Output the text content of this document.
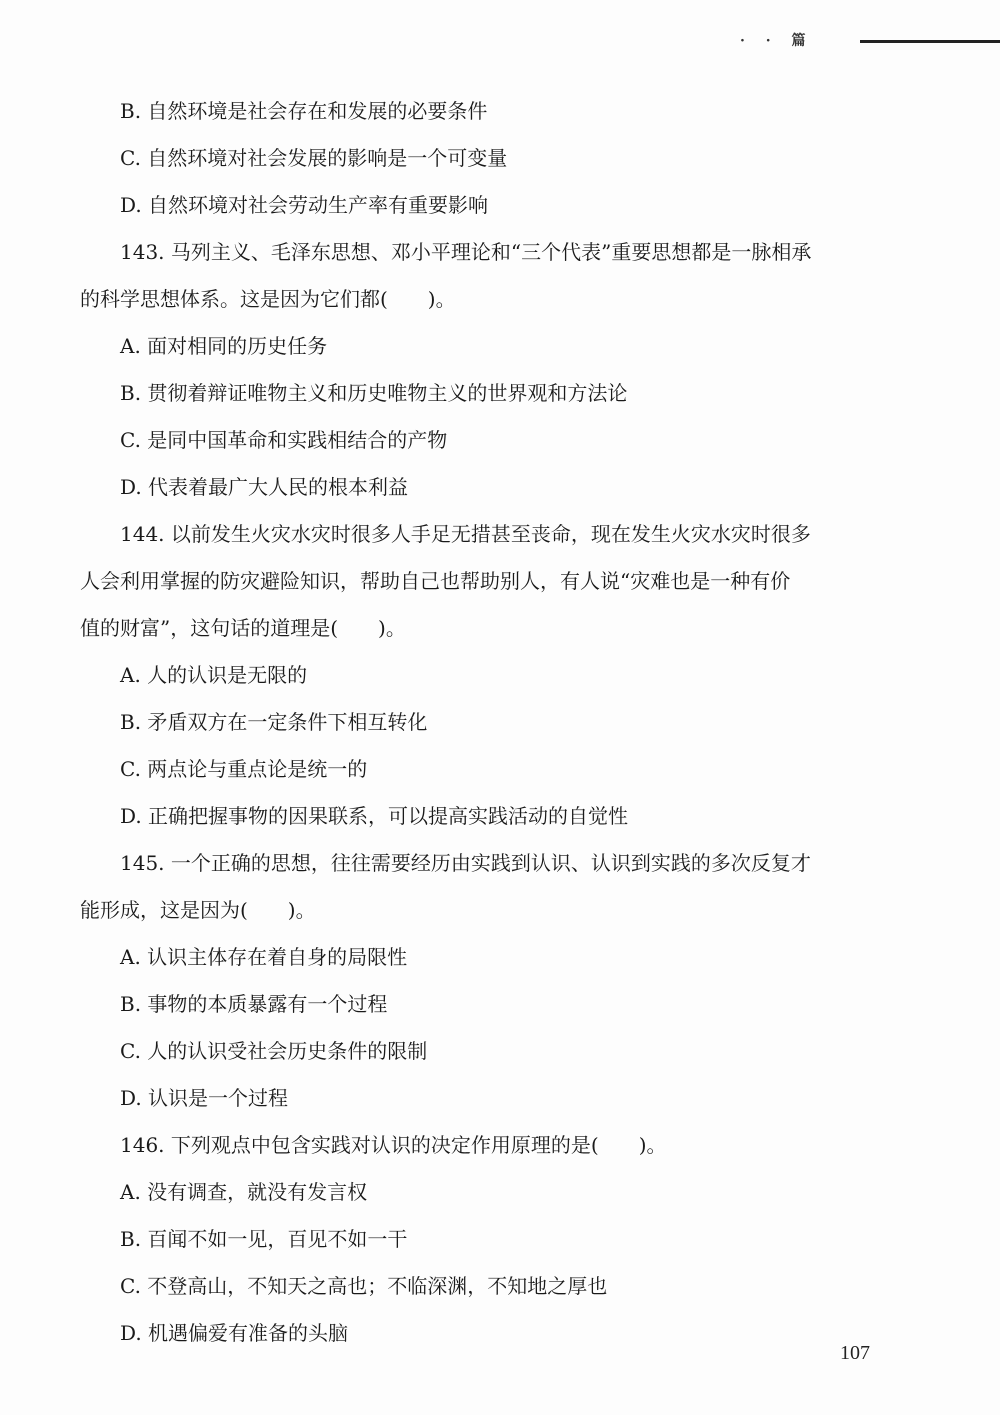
· · 篇
B. 自然环境是社会存在和发展的必要条件
C. 自然环境对社会发展的影响是一个可变量
D. 自然环境对社会劳动生产率有重要影响
143. 马列主义、毛泽东思想、邓小平理论和“三个代表”重要思想都是一脉相承
的科学思想体系。这是因为它们都(　　)。
A. 面对相同的历史任务
B. 贯彻着辩证唯物主义和历史唯物主义的世界观和方法论
C. 是同中国革命和实践相结合的产物
D. 代表着最广大人民的根本利益
144. 以前发生火灾水灾时很多人手足无措甚至丧命，现在发生火灾水灾时很多
人会利用掌握的防灾避险知识，帮助自己也帮助别人，有人说“灾难也是一种有价
值的财富”，这句话的道理是(　　)。
A. 人的认识是无限的
B. 矛盾双方在一定条件下相互转化
C. 两点论与重点论是统一的
D. 正确把握事物的因果联系，可以提高实践活动的自觉性
145. 一个正确的思想，往往需要经历由实践到认识、认识到实践的多次反复才
能形成，这是因为(　　)。
A. 认识主体存在着自身的局限性
B. 事物的本质暴露有一个过程
C. 人的认识受社会历史条件的限制
D. 认识是一个过程
146. 下列观点中包含实践对认识的决定作用原理的是(　　)。
A. 没有调查，就没有发言权
B. 百闻不如一见，百见不如一干
C. 不登高山，不知天之高也；不临深渊，不知地之厚也
D. 机遇偏爱有准备的头脑
107
